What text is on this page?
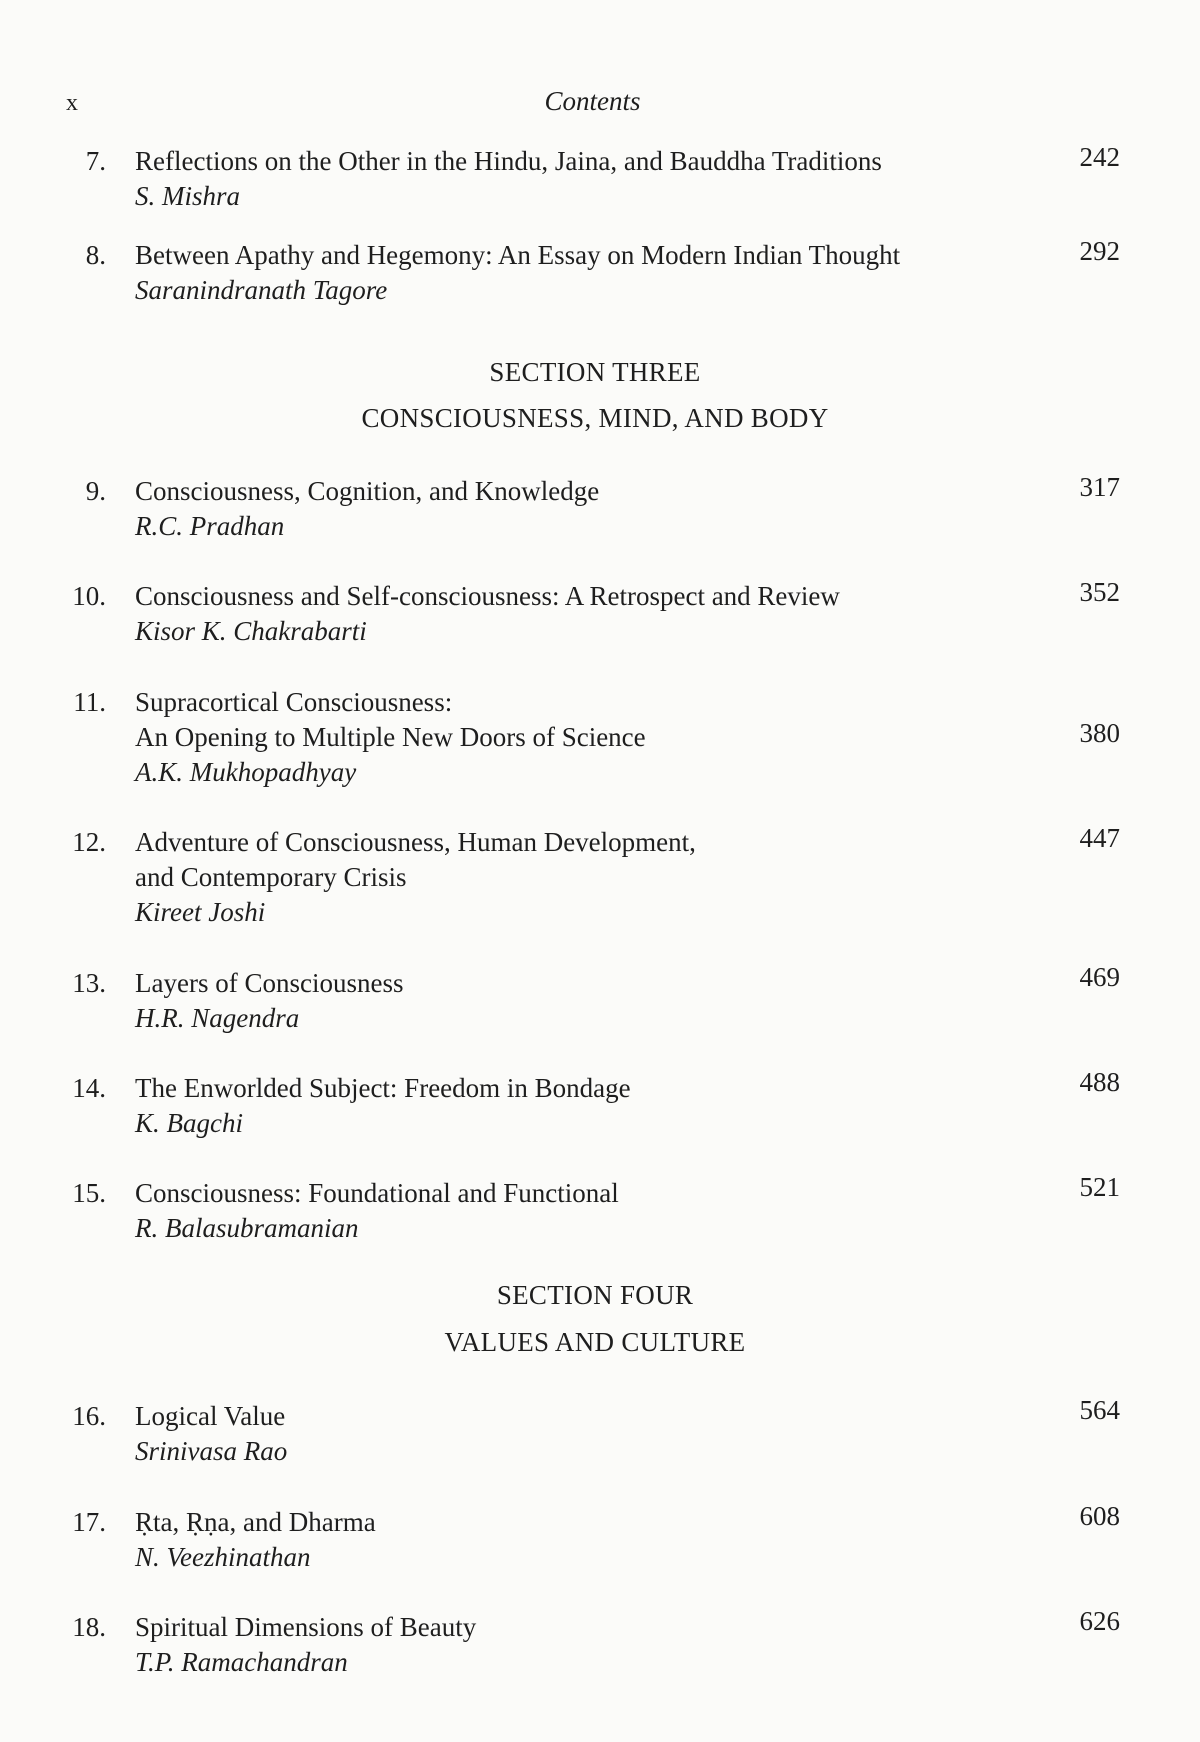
x	Contents
7. Reflections on the Other in the Hindu, Jaina, and Bauddha Traditions
S. Mishra
242
8. Between Apathy and Hegemony: An Essay on Modern Indian Thought
Saranindranath Tagore
292
SECTION THREE
CONSCIOUSNESS, MIND, AND BODY
9. Consciousness, Cognition, and Knowledge
R.C. Pradhan
317
10. Consciousness and Self-consciousness: A Retrospect and Review
Kisor K. Chakrabarti
352
11. Supracortical Consciousness:
An Opening to Multiple New Doors of Science
A.K. Mukhopadhyay
380
12. Adventure of Consciousness, Human Development,
and Contemporary Crisis
Kireet Joshi
447
13. Layers of Consciousness
H.R. Nagendra
469
14. The Enworlded Subject: Freedom in Bondage
K. Bagchi
488
15. Consciousness: Foundational and Functional
R. Balasubramanian
521
SECTION FOUR
VALUES AND CULTURE
16. Logical Value
Srinivasa Rao
564
17. Ṛta, Ṛṇa, and Dharma
N. Veezhinathan
608
18. Spiritual Dimensions of Beauty
T.P. Ramachandran
626
